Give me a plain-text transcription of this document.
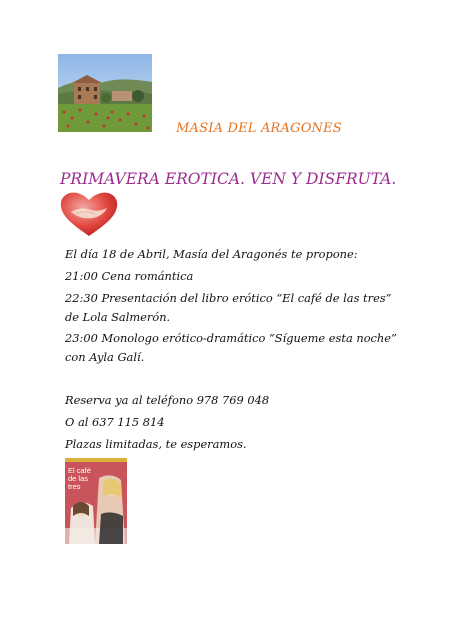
MASIA DEL ARAGONES
PRIMAVERA EROTICA. VEN Y DISFRUTA.
El día 18 de Abril, Masía del Aragonés te propone:
21:00 Cena romántica
22:30 Presentación del libro erótico “El café de las tres” de Lola Salmerón.
23:00 Monologo erótico-dramático “Sígueme esta noche” con Ayla Galí.
Reserva ya al teléfono 978 769 048
O al 637 115 814
Plazas limitadas, te esperamos.
El café de las tres
